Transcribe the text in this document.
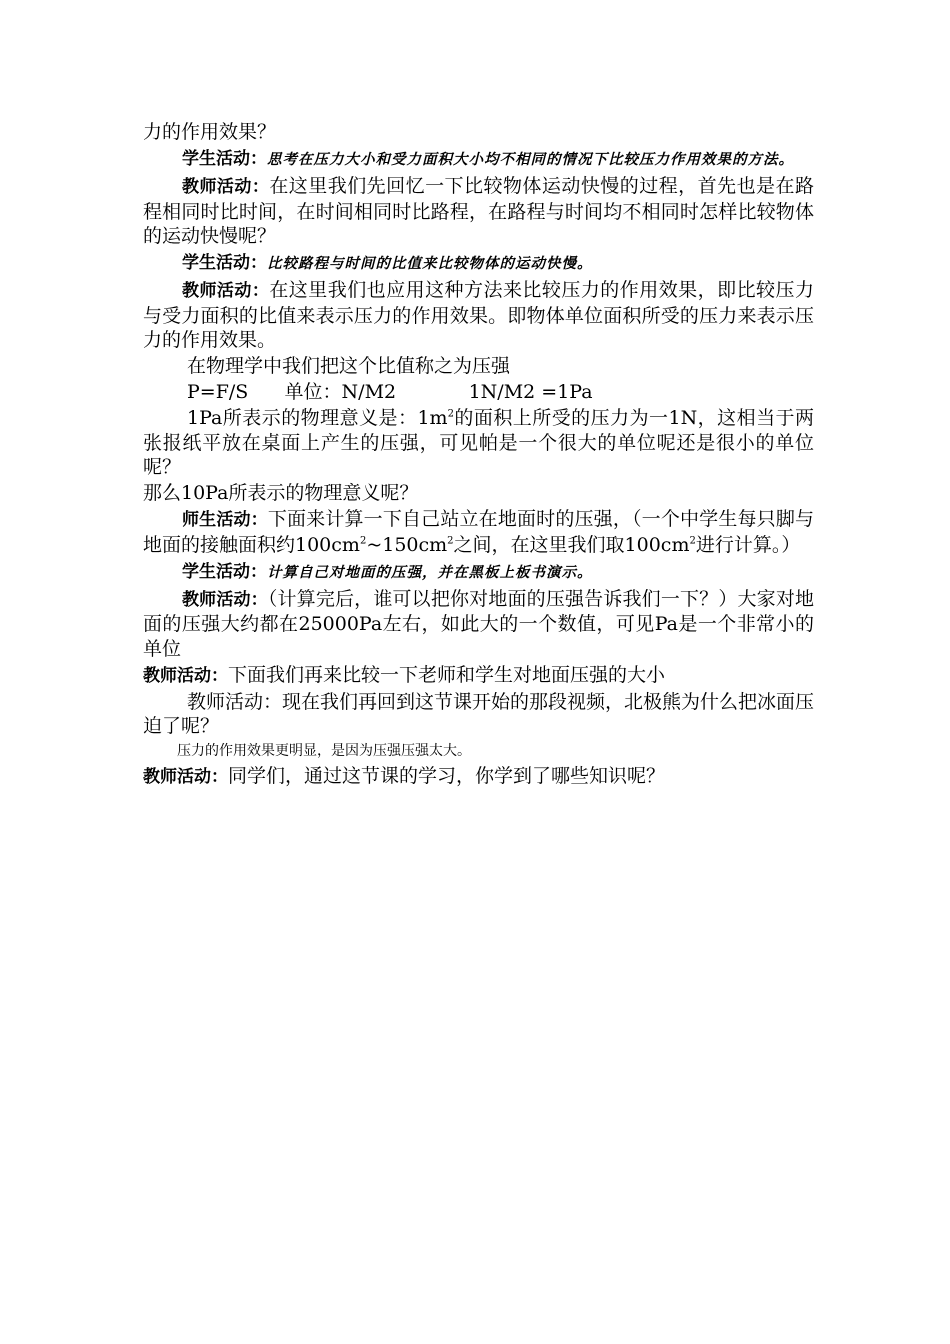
力的作用效果？

学生活动：思考在压力大小和受力面积大小均不相同的情况下比较压力作用效果的方法。

教师活动：在这里我们先回忆一下比较物体运动快慢的过程，首先也是在路程相同时比时间，在时间相同时比路程，在路程与时间均不相同时怎样比较物体的运动快慢呢？

学生活动：比较路程与时间的比值来比较物体的运动快慢。

教师活动：在这里我们也应用这种方法来比较压力的作用效果，即比较压力与受力面积的比值来表示压力的作用效果。即物体单位面积所受的压力来表示压力的作用效果。

在物理学中我们把这个比值称之为压强

P=F/S      单位：N/M2            1N/M2 =1Pa

1Pa所表示的物理意义是：$1m^2$的面积上所受的压力为一1N，这相当于两张报纸平放在桌面上产生的压强，可见帕是一个很大的单位呢还是很小的单位呢？

那么10Pa所表示的物理意义呢？

师生活动：下面来计算一下自己站立在地面时的压强，（一个中学生每只脚与地面的接触面积约$100cm^2\sim 150cm^2$之间，在这里我们取$100cm^2$进行计算。）

学生活动：计算自己对地面的压强，并在黑板上板书演示。

教师活动：（计算完后，谁可以把你对地面的压强告诉我们一下？）大家对地面的压强大约都在25000Pa左右，如此大的一个数值，可见Pa是一个非常小的单位

教师活动：下面我们再来比较一下老师和学生对地面压强的大小

教师活动：现在我们再回到这节课开始的那段视频，北极熊为什么把冰面压迫了呢？

压力的作用效果更明显，是因为压强压强太大。

教师活动：同学们，通过这节课的学习，你学到了哪些知识呢？
